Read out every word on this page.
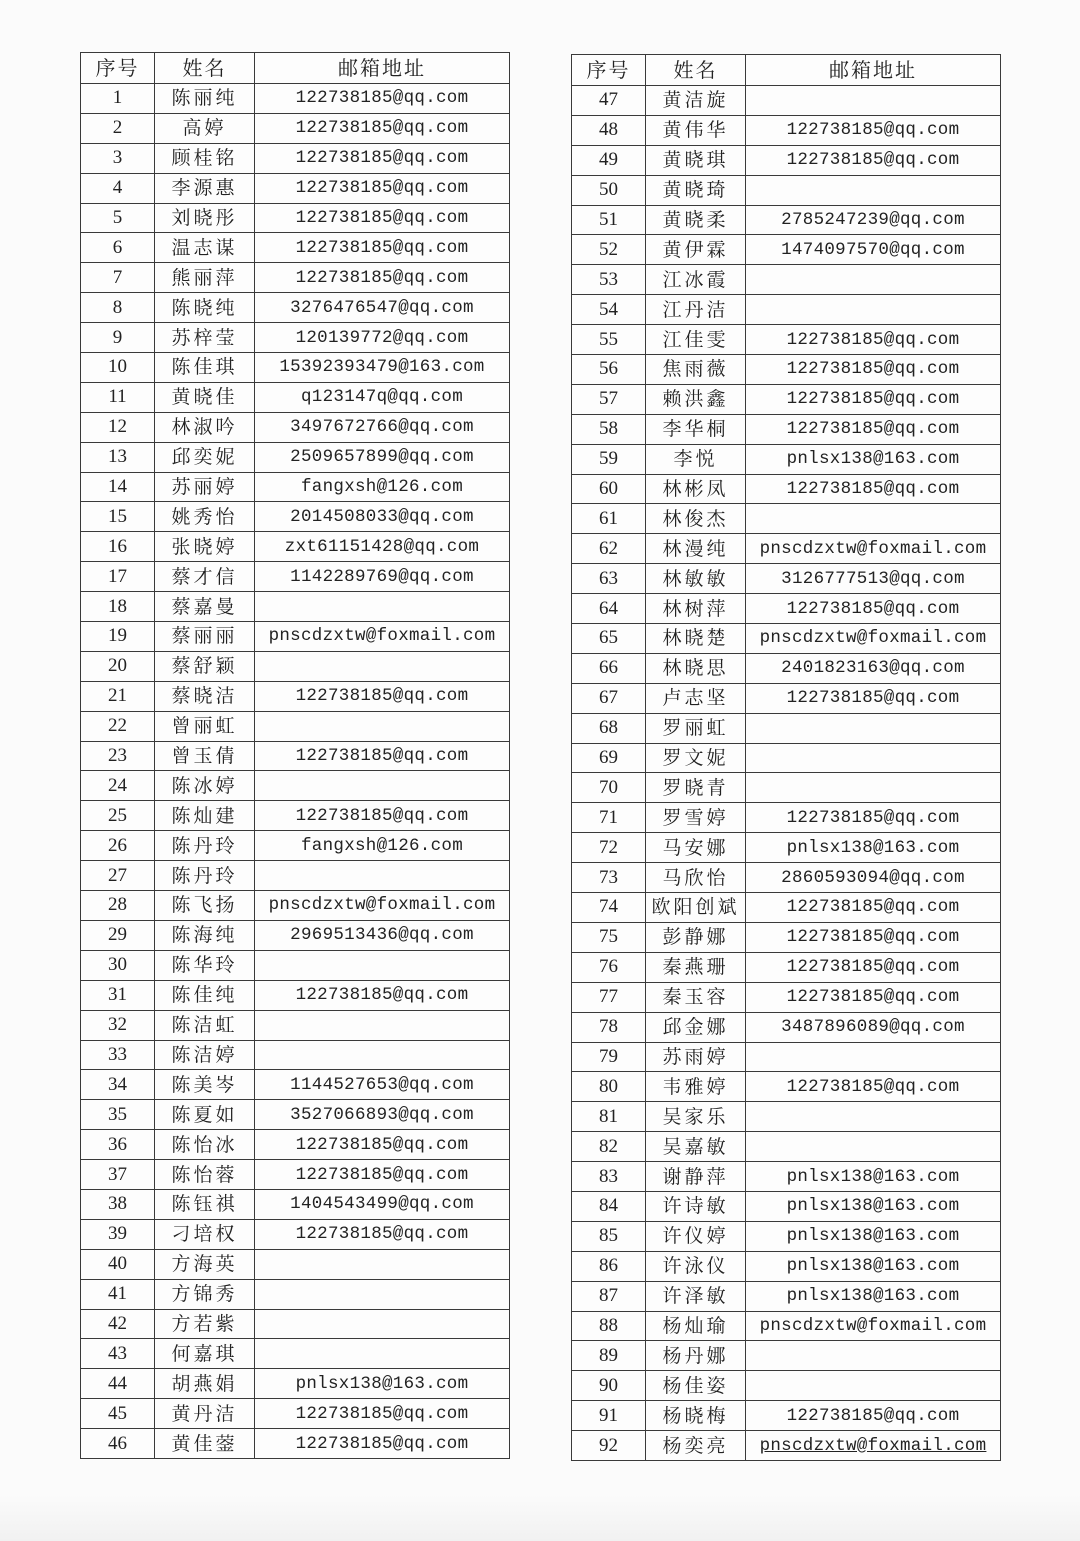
序号	姓名	邮箱地址
1	陈丽纯	122738185@qq.com
2	高婷	122738185@qq.com
3	顾桂铭	122738185@qq.com
4	李源惠	122738185@qq.com
5	刘晓彤	122738185@qq.com
6	温志谋	122738185@qq.com
7	熊丽萍	122738185@qq.com
8	陈晓纯	3276476547@qq.com
9	苏梓莹	120139772@qq.com
10	陈佳琪	15392393479@163.com
11	黄晓佳	q123147q@qq.com
12	林淑吟	3497672766@qq.com
13	邱奕妮	2509657899@qq.com
14	苏丽婷	fangxsh@126.com
15	姚秀怡	2014508033@qq.com
16	张晓婷	zxt61151428@qq.com
17	蔡才信	1142289769@qq.com
18	蔡嘉曼	
19	蔡丽丽	pnscdzxtw@foxmail.com
20	蔡舒颖	
21	蔡晓洁	122738185@qq.com
22	曾丽虹	
23	曾玉倩	122738185@qq.com
24	陈冰婷	
25	陈灿建	122738185@qq.com
26	陈丹玲	fangxsh@126.com
27	陈丹玲	
28	陈飞扬	pnscdzxtw@foxmail.com
29	陈海纯	2969513436@qq.com
30	陈华玲	
31	陈佳纯	122738185@qq.com
32	陈洁虹	
33	陈洁婷	
34	陈美岑	1144527653@qq.com
35	陈夏如	3527066893@qq.com
36	陈怡冰	122738185@qq.com
37	陈怡蓉	122738185@qq.com
38	陈钰祺	1404543499@qq.com
39	刁培权	122738185@qq.com
40	方海英	
41	方锦秀	
42	方若紫	
43	何嘉琪	
44	胡燕娟	pnlsx138@163.com
45	黄丹洁	122738185@qq.com
46	黄佳蓥	122738185@qq.com
序号	姓名	邮箱地址
47	黄洁旋	
48	黄伟华	122738185@qq.com
49	黄晓琪	122738185@qq.com
50	黄晓琦	
51	黄晓柔	2785247239@qq.com
52	黄伊霖	1474097570@qq.com
53	江冰霞	
54	江丹洁	
55	江佳雯	122738185@qq.com
56	焦雨薇	122738185@qq.com
57	赖洪鑫	122738185@qq.com
58	李华桐	122738185@qq.com
59	李悦	pnlsx138@163.com
60	林彬凤	122738185@qq.com
61	林俊杰	
62	林漫纯	pnscdzxtw@foxmail.com
63	林敏敏	3126777513@qq.com
64	林树萍	122738185@qq.com
65	林晓楚	pnscdzxtw@foxmail.com
66	林晓思	2401823163@qq.com
67	卢志坚	122738185@qq.com
68	罗丽虹	
69	罗文妮	
70	罗晓青	
71	罗雪婷	122738185@qq.com
72	马安娜	pnlsx138@163.com
73	马欣怡	2860593094@qq.com
74	欧阳创斌	122738185@qq.com
75	彭静娜	122738185@qq.com
76	秦燕珊	122738185@qq.com
77	秦玉容	122738185@qq.com
78	邱金娜	3487896089@qq.com
79	苏雨婷	
80	韦雅婷	122738185@qq.com
81	吴家乐	
82	吴嘉敏	
83	谢静萍	pnlsx138@163.com
84	许诗敏	pnlsx138@163.com
85	许仪婷	pnlsx138@163.com
86	许泳仪	pnlsx138@163.com
87	许泽敏	pnlsx138@163.com
88	杨灿瑜	pnscdzxtw@foxmail.com
89	杨丹娜	
90	杨佳姿	
91	杨晓梅	122738185@qq.com
92	杨奕亮	pnscdzxtw@foxmail.com
